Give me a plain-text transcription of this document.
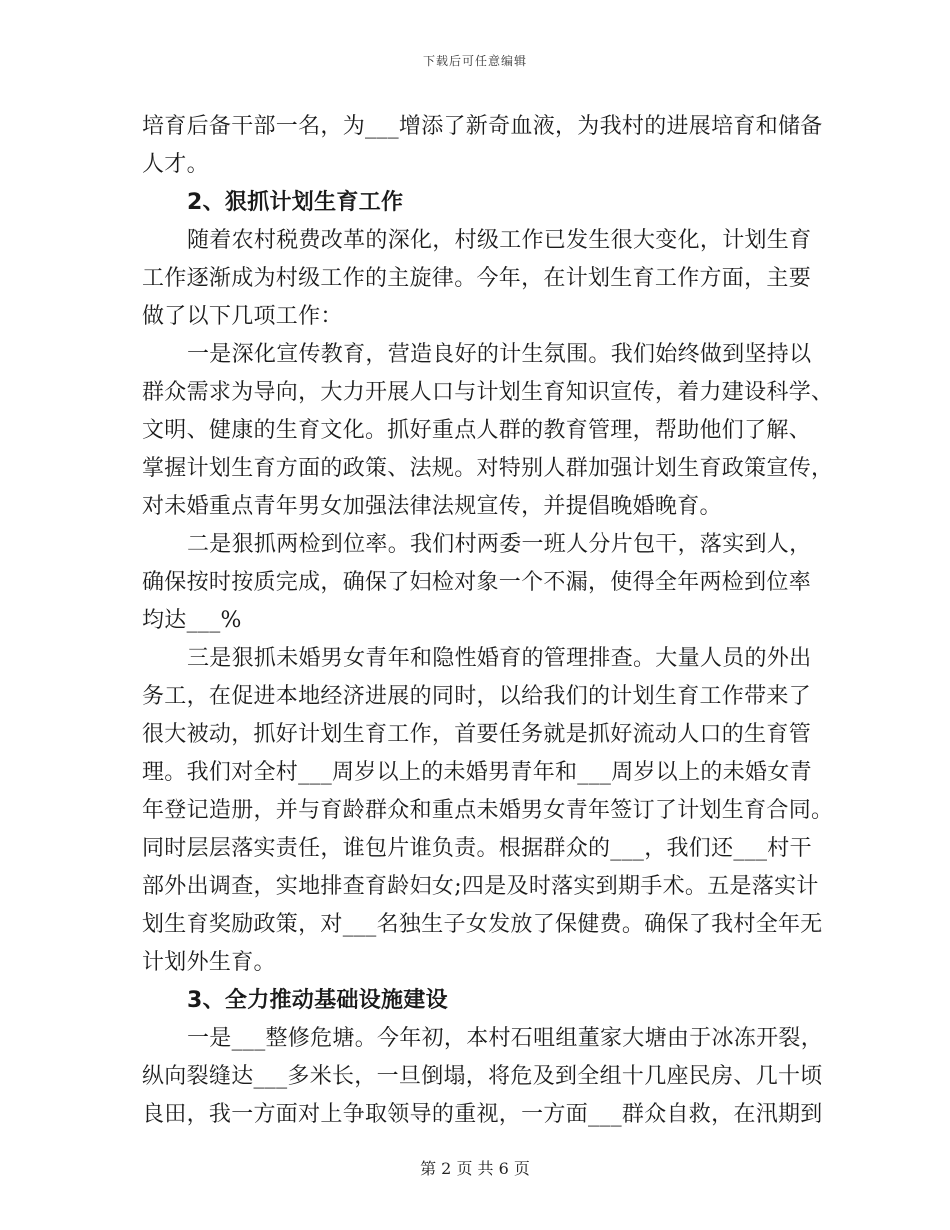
下载后可任意编辑
培育后备干部一名，为___增添了新奇血液，为我村的进展培育和储备
人才。
2、狠抓计划生育工作
随着农村税费改革的深化，村级工作已发生很大变化，计划生育
工作逐渐成为村级工作的主旋律。今年，在计划生育工作方面，主要
做了以下几项工作：
一是深化宣传教育，营造良好的计生氛围。我们始终做到坚持以
群众需求为导向，大力开展人口与计划生育知识宣传，着力建设科学、
文明、健康的生育文化。抓好重点人群的教育管理，帮助他们了解、
掌握计划生育方面的政策、法规。对特别人群加强计划生育政策宣传，
对未婚重点青年男女加强法律法规宣传，并提倡晚婚晚育。
二是狠抓两检到位率。我们村两委一班人分片包干，落实到人，
确保按时按质完成，确保了妇检对象一个不漏，使得全年两检到位率
均达___%
三是狠抓未婚男女青年和隐性婚育的管理排查。大量人员的外出
务工，在促进本地经济进展的同时，以给我们的计划生育工作带来了
很大被动，抓好计划生育工作，首要任务就是抓好流动人口的生育管
理。我们对全村___周岁以上的未婚男青年和___周岁以上的未婚女青
年登记造册，并与育龄群众和重点未婚男女青年签订了计划生育合同。
同时层层落实责任，谁包片谁负责。根据群众的___，我们还___村干
部外出调查，实地排查育龄妇女;四是及时落实到期手术。五是落实计
划生育奖励政策，对___名独生子女发放了保健费。确保了我村全年无
计划外生育。
3、全力推动基础设施建设
一是___整修危塘。今年初，本村石咀组董家大塘由于冰冻开裂，
纵向裂缝达___多米长，一旦倒塌，将危及到全组十几座民房、几十顷
良田，我一方面对上争取领导的重视，一方面___群众自救，在汛期到
第 2 页 共 6 页
